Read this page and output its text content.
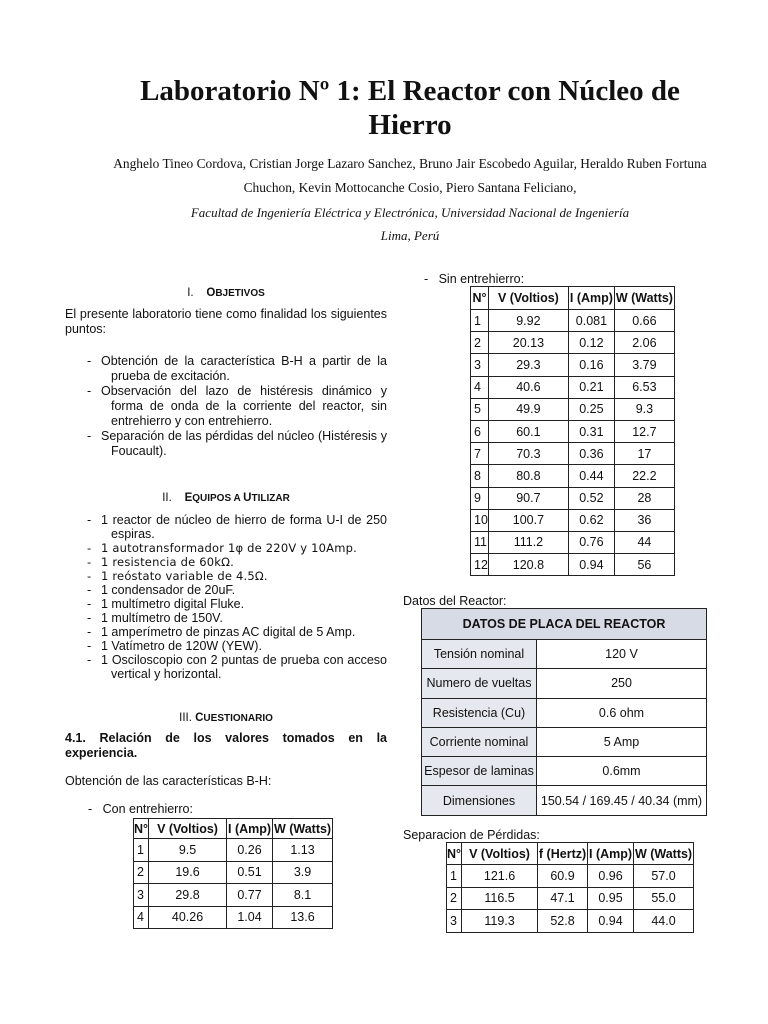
Laboratorio Nº 1: El Reactor con Núcleo de Hierro
Anghelo Tineo Cordova, Cristian Jorge Lazaro Sanchez, Bruno Jair Escobedo Aguilar, Heraldo Ruben Fortuna Chuchon, Kevin Mottocanche Cosio, Piero Santana Feliciano,
Facultad de Ingeniería Eléctrica y Electrónica, Universidad Nacional de Ingeniería
Lima, Perú
I. OBJETIVOS
El presente laboratorio tiene como finalidad los siguientes puntos:
- Obtención de la característica B-H a partir de la prueba de excitación.
- Observación del lazo de histéresis dinámico y forma de onda de la corriente del reactor, sin entrehierro y con entrehierro.
- Separación de las pérdidas del núcleo (Histéresis y Foucault).
II. EQUIPOS A UTILIZAR
- 1 reactor de núcleo de hierro de forma U-I de 250 espiras.
- 1 autotransformador 1φ de 220V y 10Amp.
- 1 resistencia de 60kΩ.
- 1 reóstato variable de 4.5Ω.
- 1 condensador de 20uF.
- 1 multímetro digital Fluke.
- 1 multímetro de 150V.
- 1 amperímetro de pinzas AC digital de 5 Amp.
- 1 Vatímetro de 120W (YEW).
- 1 Osciloscopio con 2 puntas de prueba con acceso vertical y horizontal.
III. CUESTIONARIO
4.1. Relación de los valores tomados en la experiencia.
Obtención de las características B-H:
- Con entrehierro:
N°	V (Voltios)	I (Amp)	W (Watts)
1	9.5	0.26	1.13
2	19.6	0.51	3.9
3	29.8	0.77	8.1
4	40.26	1.04	13.6
- Sin entrehierro:
N°	V (Voltios)	I (Amp)	W (Watts)
1	9.92	0.081	0.66
2	20.13	0.12	2.06
3	29.3	0.16	3.79
4	40.6	0.21	6.53
5	49.9	0.25	9.3
6	60.1	0.31	12.7
7	70.3	0.36	17
8	80.8	0.44	22.2
9	90.7	0.52	28
10	100.7	0.62	36
11	111.2	0.76	44
12	120.8	0.94	56
Datos del Reactor:
DATOS DE PLACA DEL REACTOR	
Tensión nominal	120 V
Numero de vueltas	250
Resistencia (Cu)	0.6 ohm
Corriente nominal	5 Amp
Espesor de laminas	0.6mm
Dimensiones	150.54 / 169.45 / 40.34 (mm)
Separacion de Pérdidas:
N°	V (Voltios)	f (Hertz)	I (Amp)	W (Watts)
1	121.6	60.9	0.96	57.0
2	116.5	47.1	0.95	55.0
3	119.3	52.8	0.94	44.0
